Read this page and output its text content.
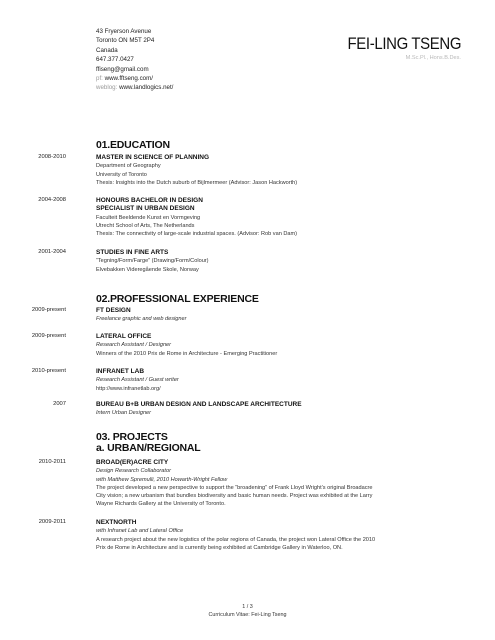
43 Fryerson Avenue
Toronto ON M5T 2P4
Canada
647.377.0427
ffiseng@gmail.com
pf: www.fftseng.com/
weblog: www.landlogics.net/
FEI-LING TSENG
M.Sc.Pl., Hons.B.Des.
01.EDUCATION
2008-2010	MASTER IN SCIENCE OF PLANNING
Department of Geography
University of Toronto
Thesis: Insights into the Dutch suburb of Bijlmermeer (Advisor: Jason Hackworth)
2004-2008	HONOURS BACHELOR IN DESIGN
SPECIALIST IN URBAN DESIGN
Faculteit Beeldende Kunst en Vormgeving
Utrecht School of Arts, The Netherlands
Thesis: The connectivity of large-scale industrial spaces. (Advisor: Rob van Dam)
2001-2004	STUDIES IN FINE ARTS
“Tegning/Form/Farge” (Drawing/Form/Colour)
Elvebakken Videregående Skole, Norway
02.PROFESSIONAL EXPERIENCE
2009-present	FT DESIGN
Freelance graphic and web designer
2009-present	LATERAL OFFICE
Research Assistant / Designer
Winners of the 2010 Prix de Rome in Architecture - Emerging Practitioner
2010-present	INFRANET LAB
Research Assistant / Guest writer
http://www.infranetlab.org/
2007	BUREAU B+B URBAN DESIGN AND LANDSCAPE ARCHITECTURE
Intern Urban Designer
03. PROJECTS
a. URBAN/REGIONAL
2010-2011	BROAD(ER)ACRE CITY
Design Research Collaborator
with Matthew Spremulli, 2010 Howarth-Wright Fellow
The project developed a new perspective to support the “broadening” of Frank Lloyd Wright’s original Broadacre
City vision; a new urbanism that bundles biodiversity and basic human needs. Project was exhibited at the Larry
Wayne Richards Gallery at the University of Toronto.
2009-2011	NEXTNORTH
with Infranet Lab and Lateral Office
A research project about the new logistics of the polar regions of Canada, the project won Lateral Office the 2010
Prix de Rome in Architecture and is currently being exhibited at Cambridge Gallery in Waterloo, ON.
1 / 3
Curriculum Vitae: Fei-Ling Tseng
